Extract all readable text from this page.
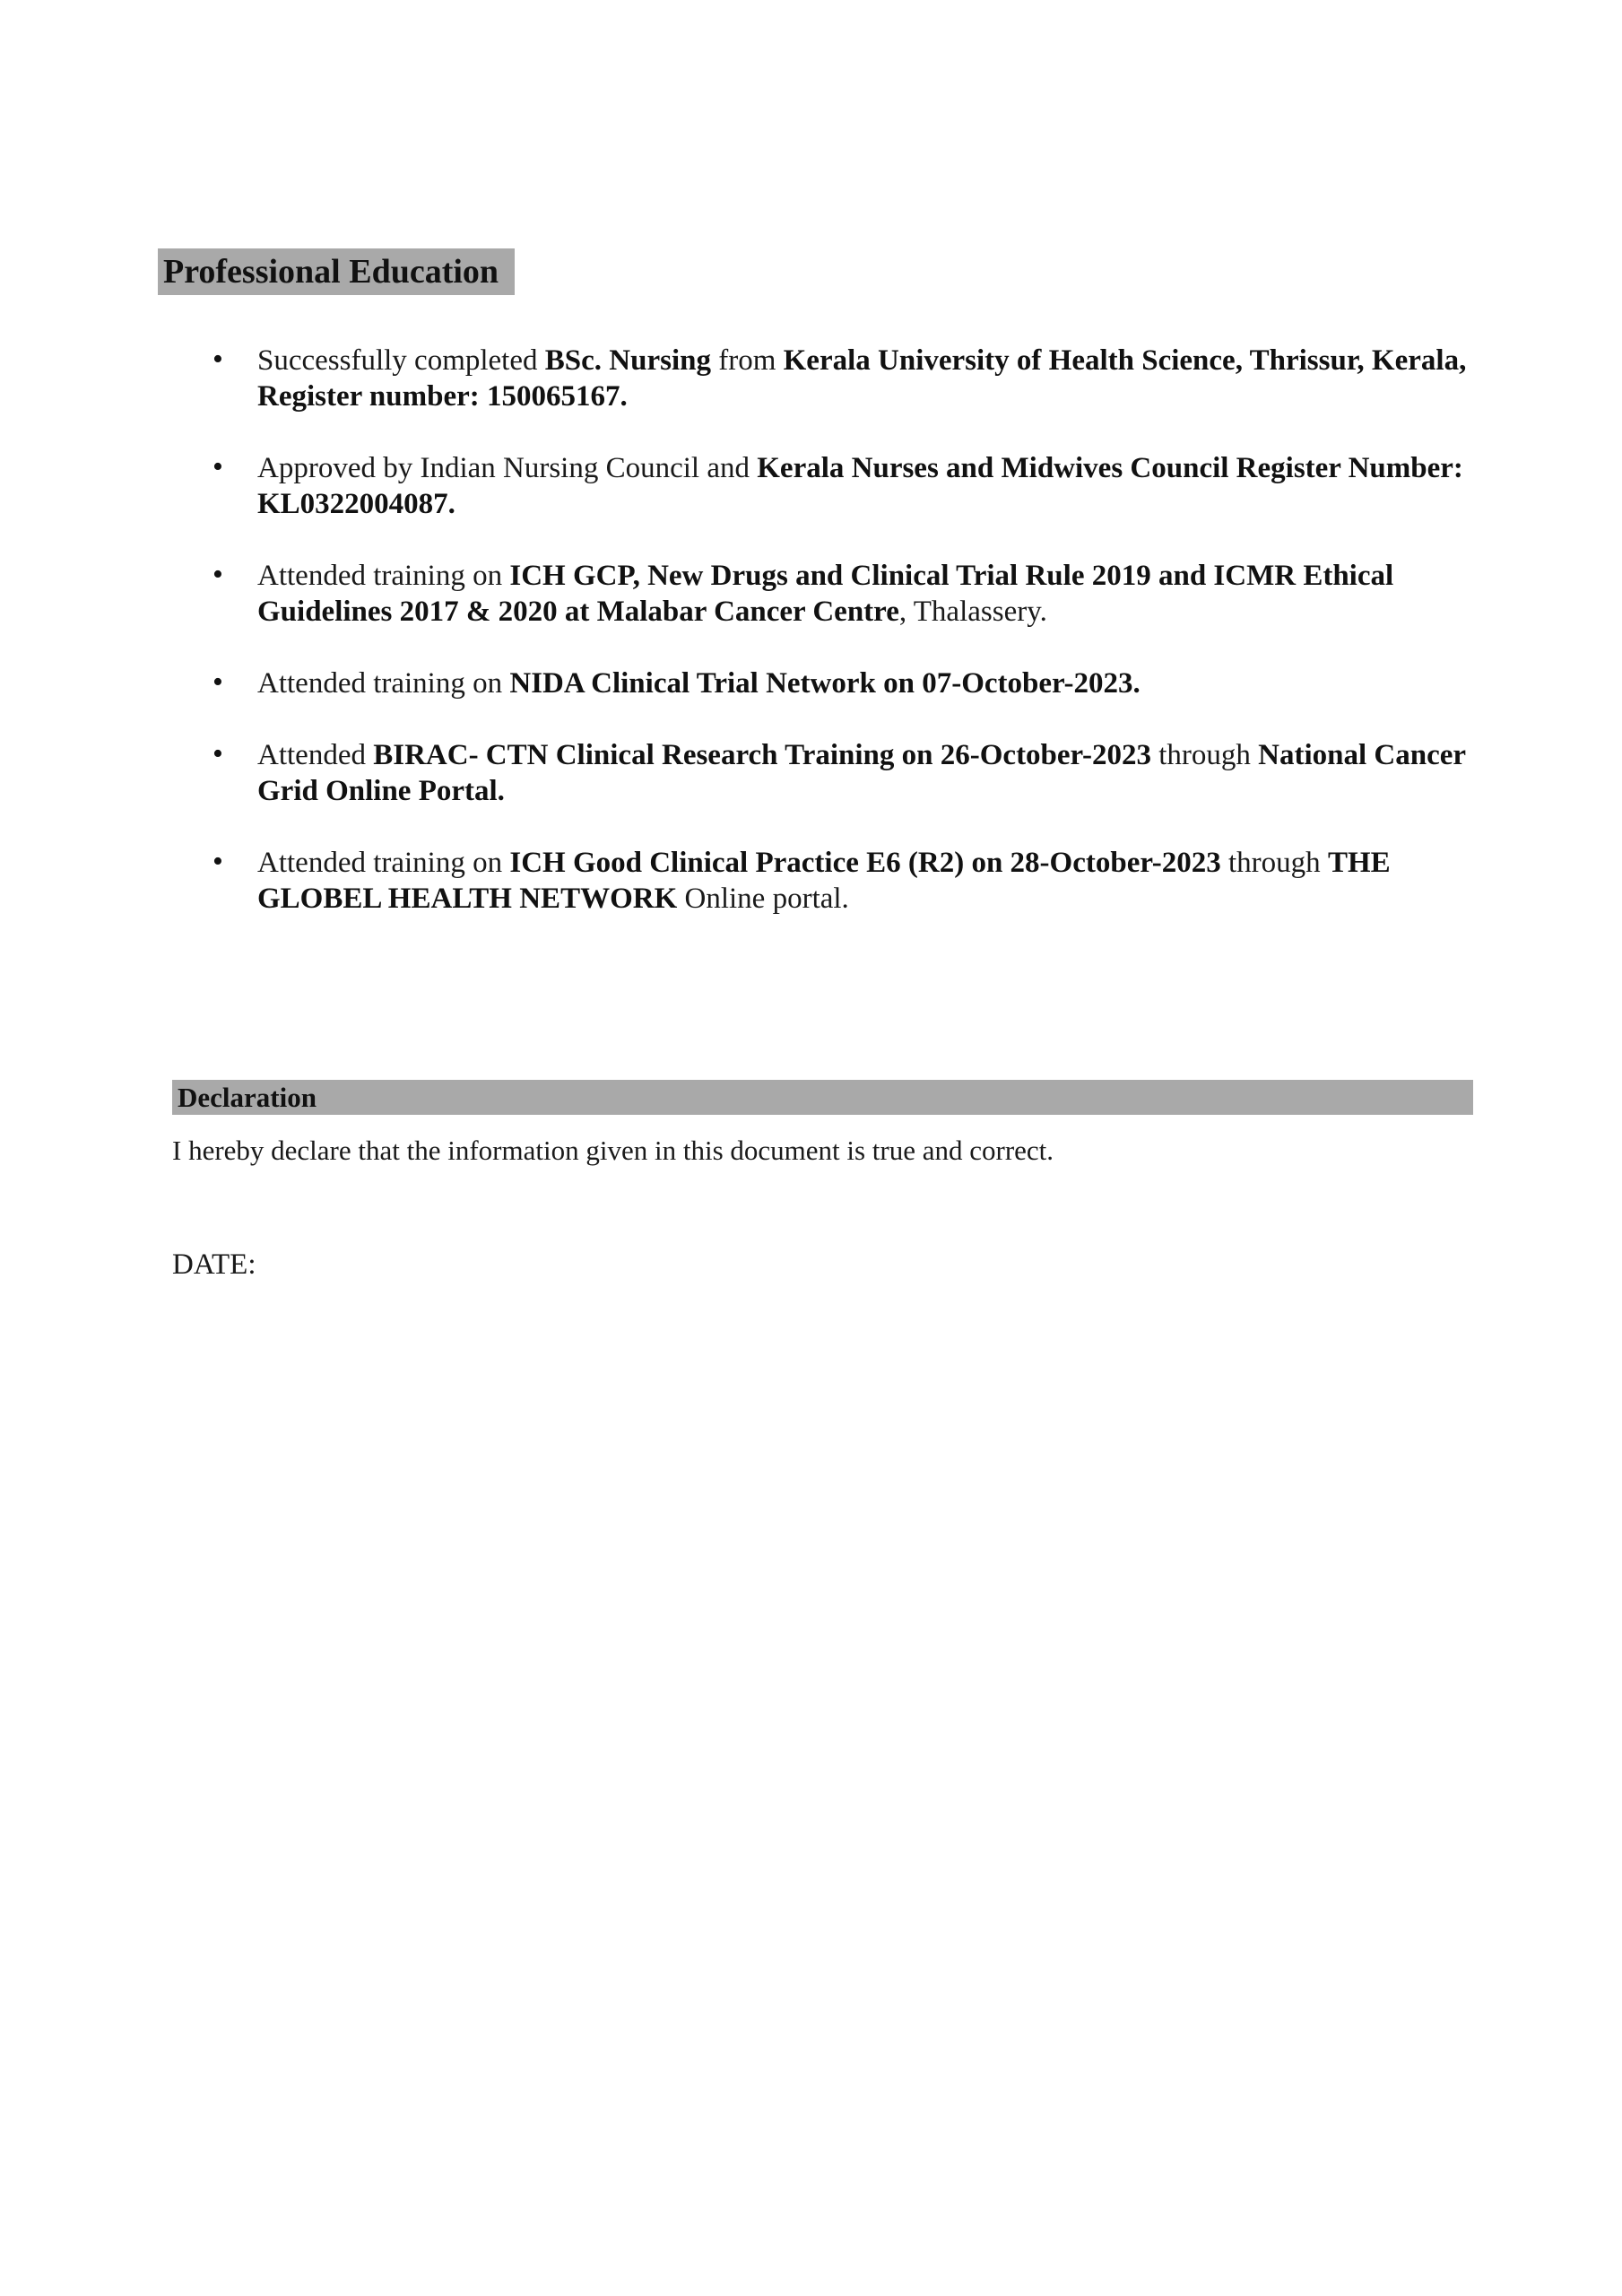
Professional Education
• Successfully completed BSc. Nursing from Kerala University of Health Science, Thrissur, Kerala, Register number: 150065167.
• Approved by Indian Nursing Council and Kerala Nurses and Midwives Council Register Number: KL0322004087.
• Attended training on ICH GCP, New Drugs and Clinical Trial Rule 2019 and ICMR Ethical Guidelines 2017 & 2020 at Malabar Cancer Centre, Thalassery.
• Attended training on NIDA Clinical Trial Network on 07-October-2023.
• Attended BIRAC- CTN Clinical Research Training on 26-October-2023 through National Cancer Grid Online Portal.
• Attended training on ICH Good Clinical Practice E6 (R2) on 28-October-2023 through THE GLOBEL HEALTH NETWORK Online portal.
Declaration

I hereby declare that the information given in this document is true and correct.

DATE:
